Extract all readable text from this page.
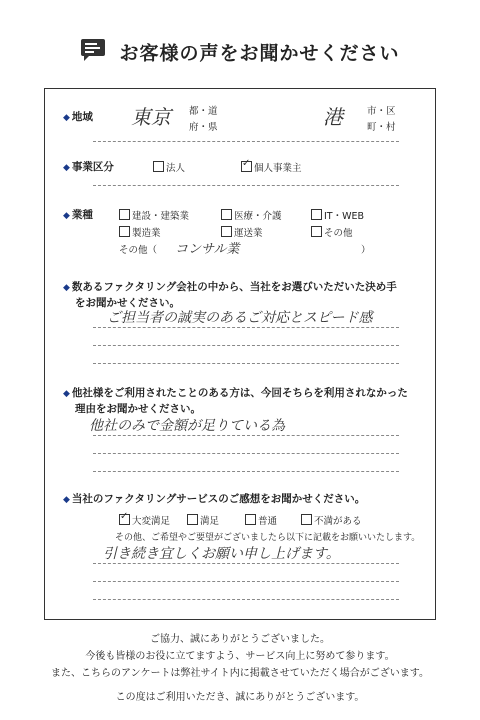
お客様の声をお聞かせください
◆ 地域 東京 都・道
府・県	港	市・区
町・村
◆ 事業区分	法人
✓	個人事業主
◆ 業種	建設・建築業	医療・介護	IT・WEB
製造業	運送業	その他
その他（ コンサル業	）
◆ 数あるファクタリング会社の中から、当社をお選びいただいた決め手
をお聞かせください。
ご担当者の誠実のあるご対応とスピード感
◆ 他社様をご利用されたことのある方は、今回そちらを利用されなかった
理由をお聞かせください。
他社のみで金額が足りている為
◆ 当社のファクタリングサービスのご感想をお聞かせください。
✓大変満足	満足	普通	不満がある
その他、ご希望やご要望がございましたら以下に記載をお願いいたします。
引き続き宜しくお願い申し上げます。
ご協力、誠にありがとうございました。
今後も皆様のお役に立てますよう、サービス向上に努めて参ります。
また、こちらのアンケートは弊社サイト内に掲載させていただく場合がございます。
この度はご利用いただき、誠にありがとうございます。
